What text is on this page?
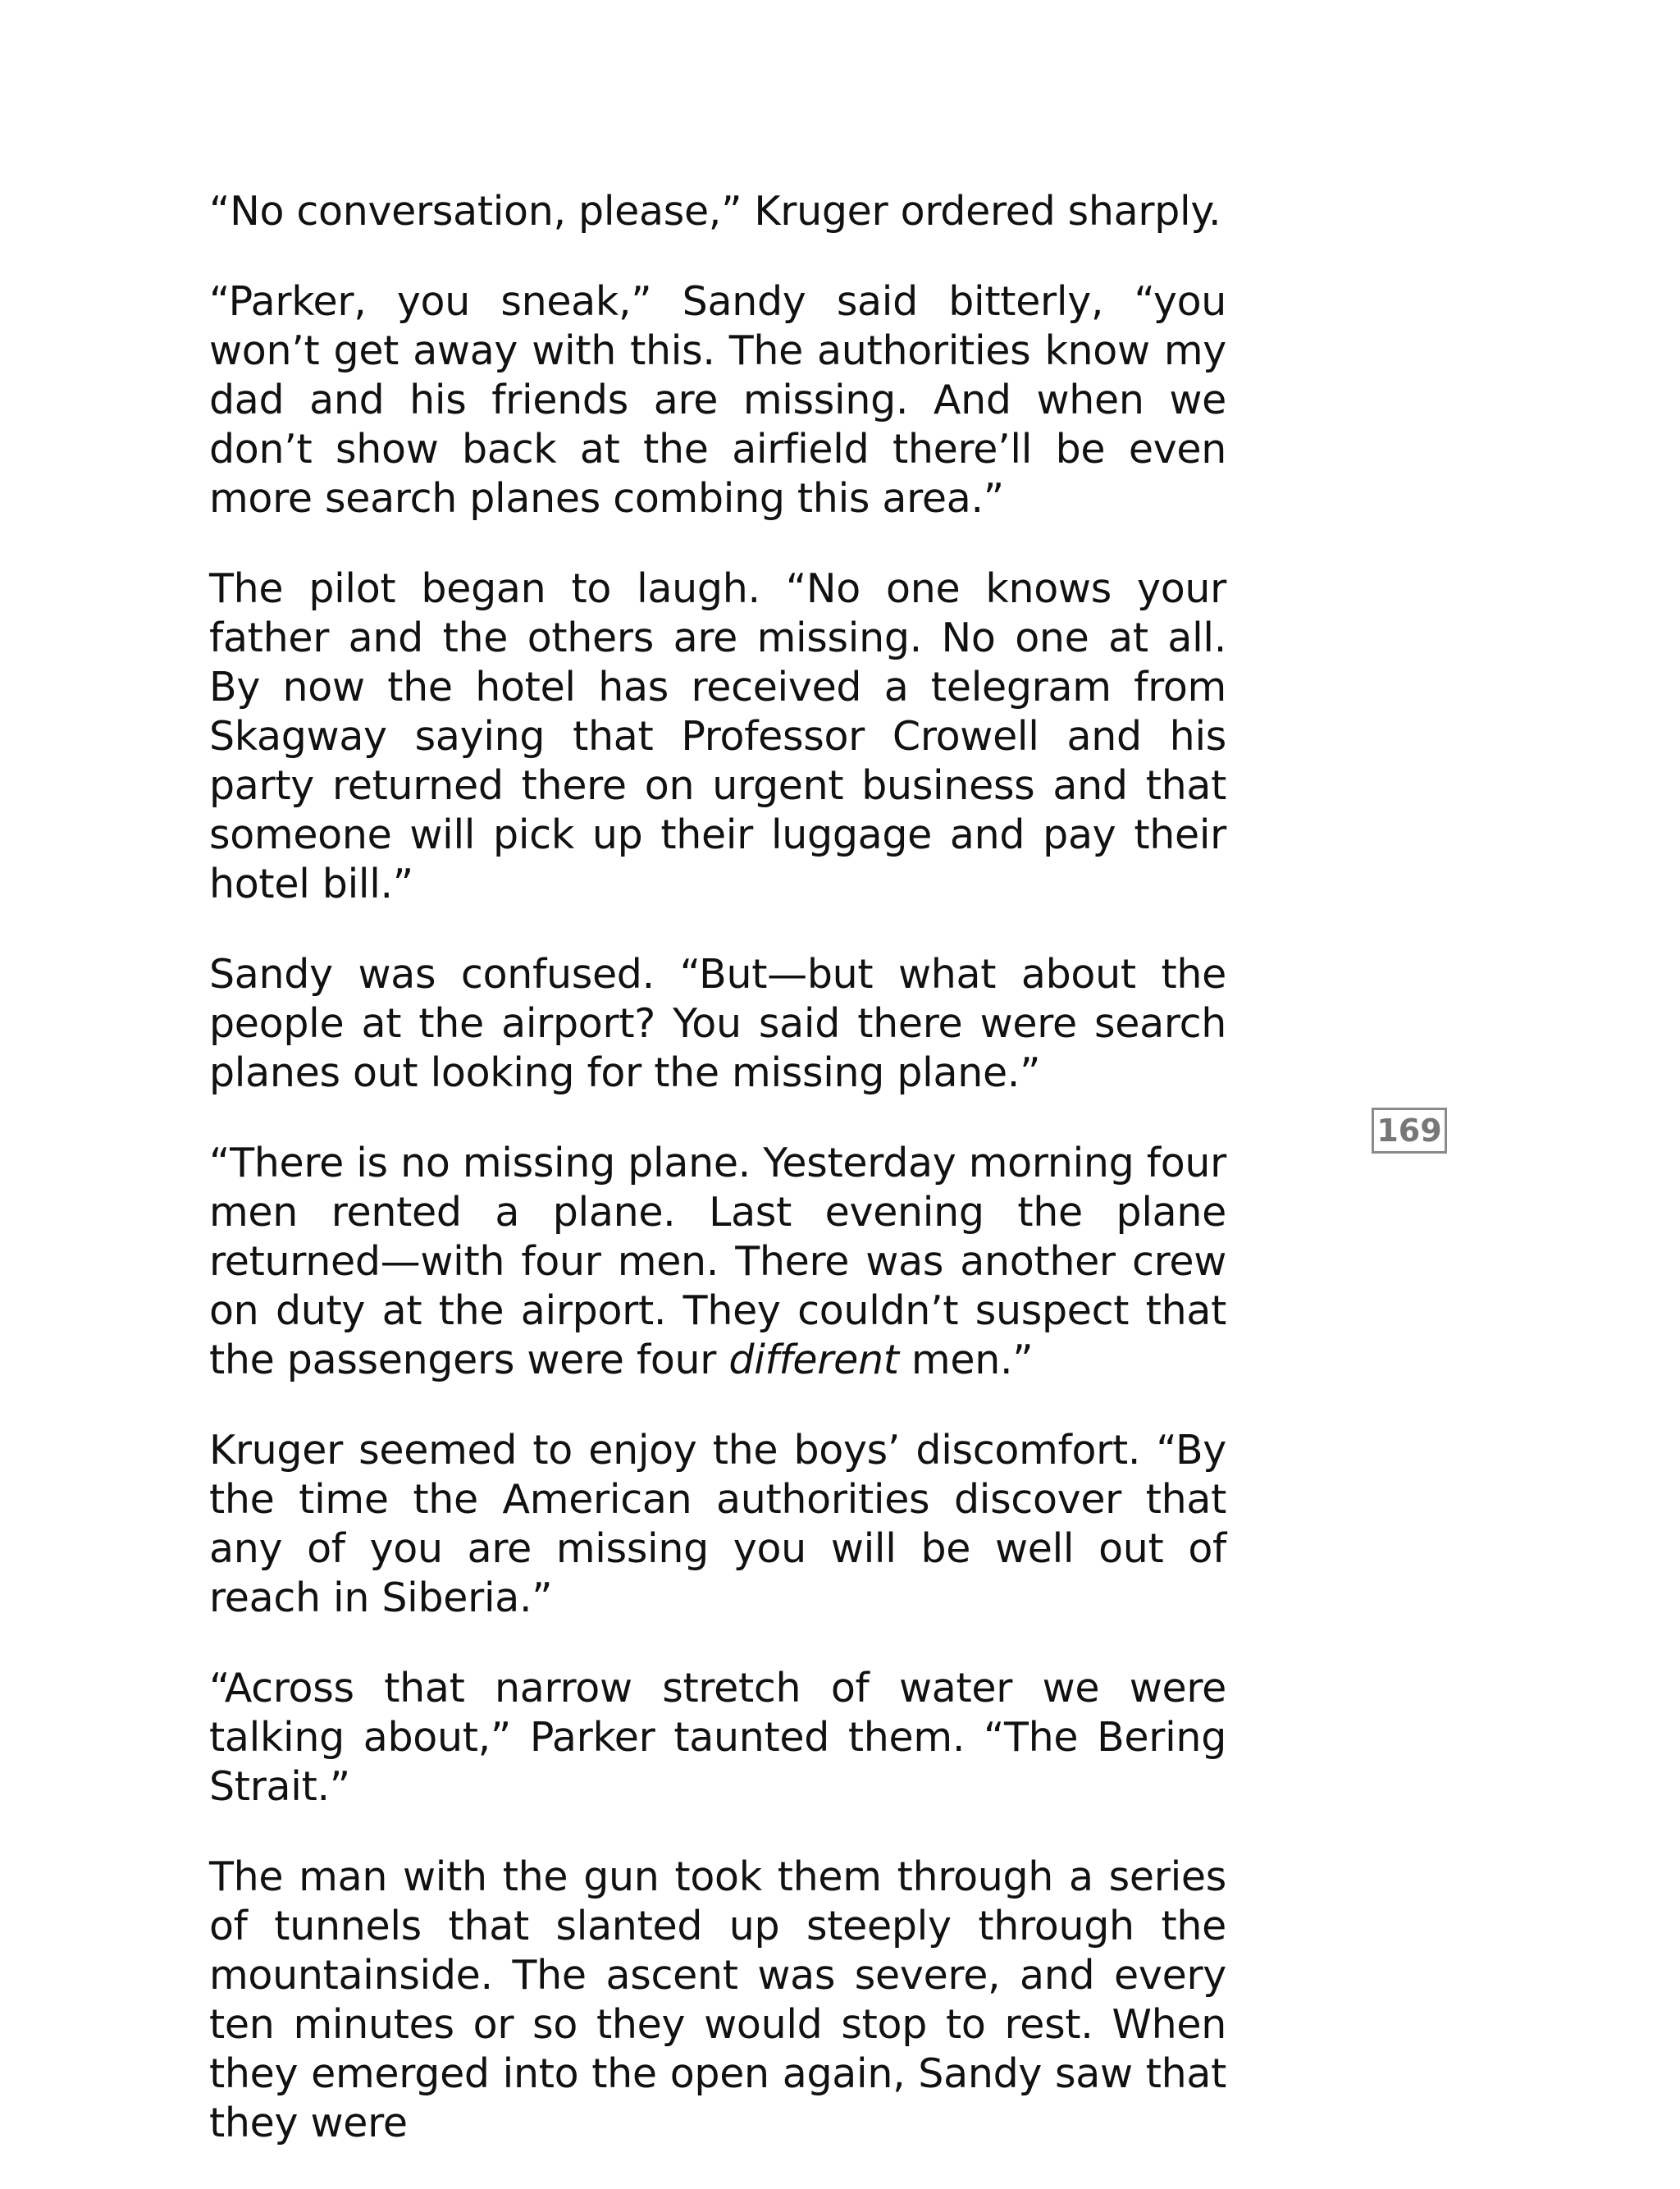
“No conversation, please,” Kruger ordered sharply.

“Parker, you sneak,” Sandy said bitterly, “you won’t get away with this. The authorities know my dad and his friends are missing. And when we don’t show back at the airfield there’ll be even more search planes combing this area.”

The pilot began to laugh. “No one knows your father and the others are missing. No one at all. By now the hotel has received a telegram from Skagway saying that Professor Crowell and his party returned there on urgent business and that someone will pick up their luggage and pay their hotel bill.”

Sandy was confused. “But—but what about the people at the airport? You said there were search planes out looking for the missing plane.”

“There is no missing plane. Yesterday morning four men rented a plane. Last evening the plane returned—with four men. There was another crew on duty at the airport. They couldn’t suspect that the passengers were four different men.”

Kruger seemed to enjoy the boys’ discomfort. “By the time the American authorities discover that any of you are missing you will be well out of reach in Siberia.”

“Across that narrow stretch of water we were talking about,” Parker taunted them. “The Bering Strait.”

The man with the gun took them through a series of tunnels that slanted up steeply through the mountainside. The ascent was severe, and every ten minutes or so they would stop to rest. When they emerged into the open again, Sandy saw that they were

169
